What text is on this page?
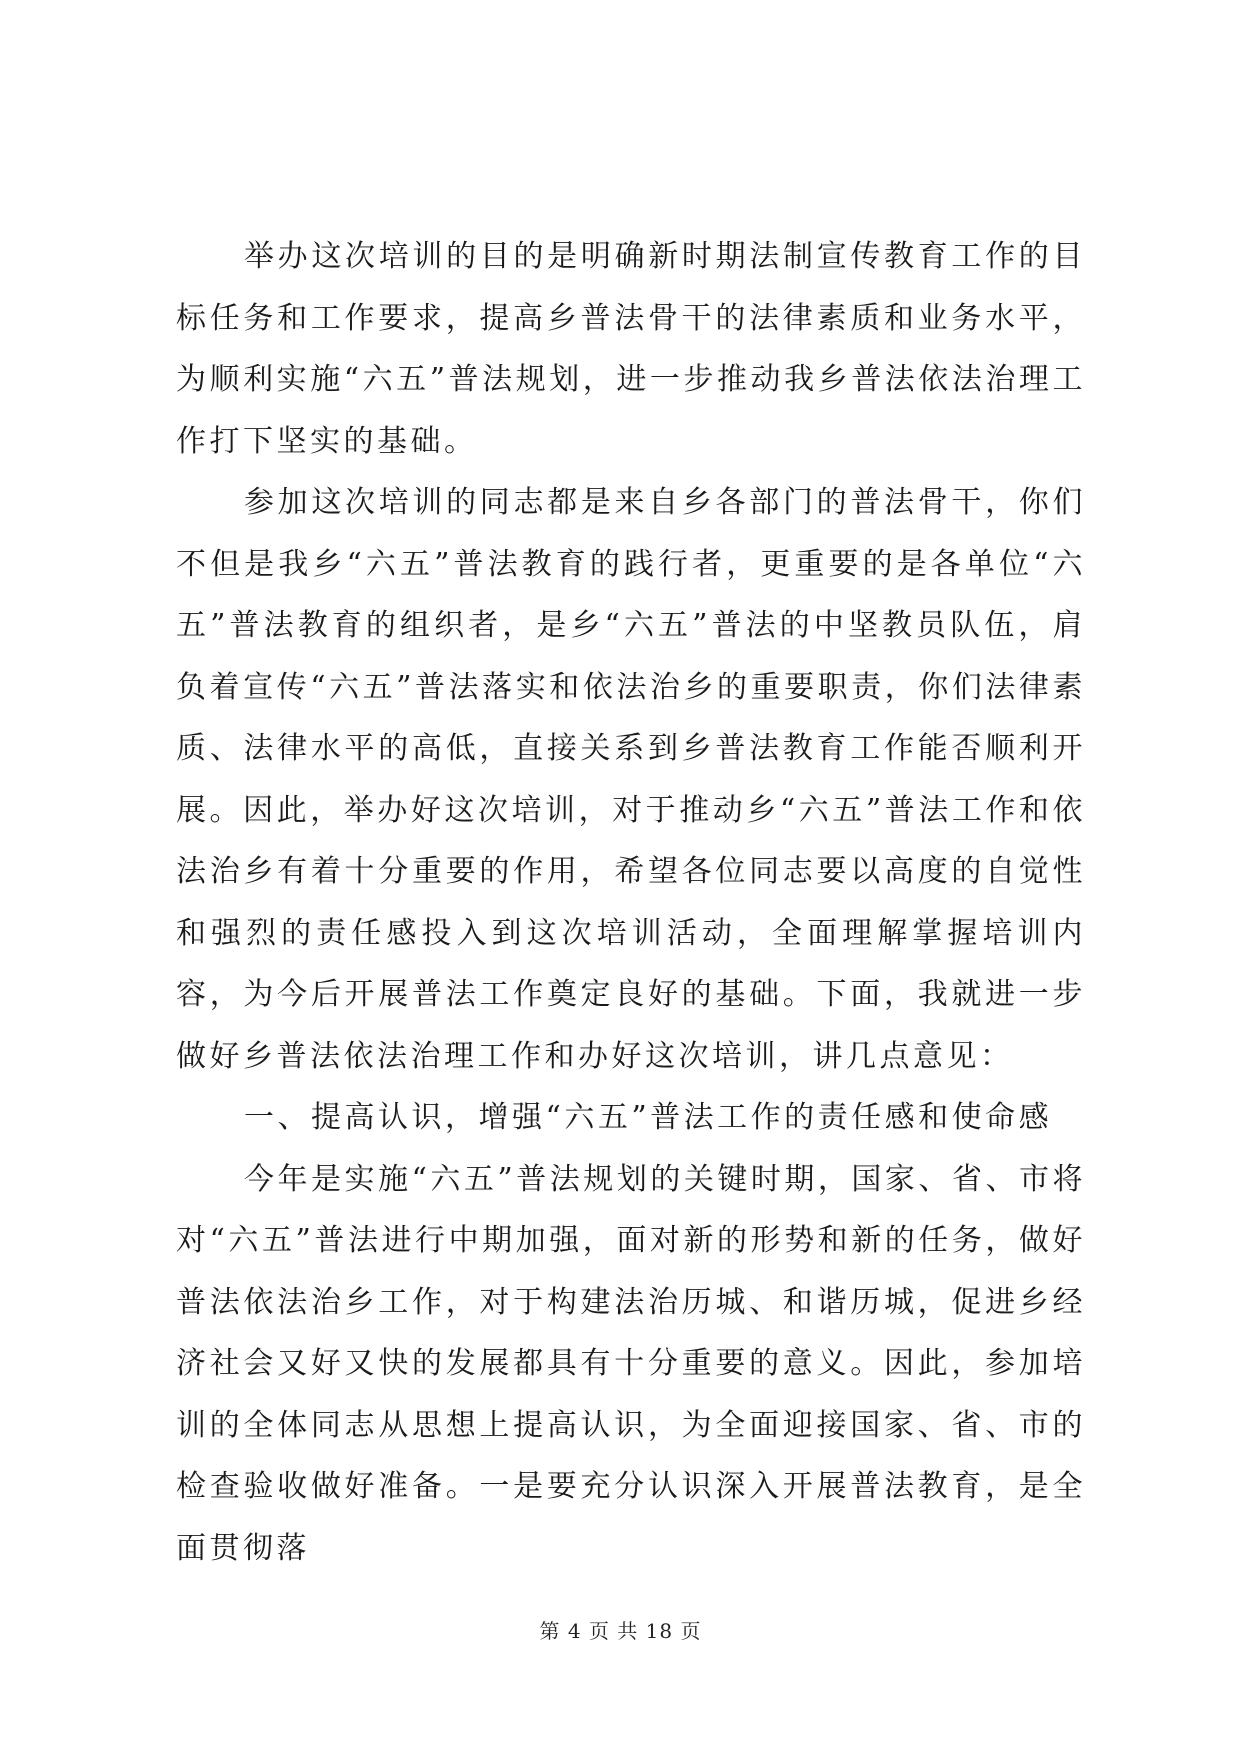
举办这次培训的目的是明确新时期法制宣传教育工作的目标任务和工作要求，提高乡普法骨干的法律素质和业务水平，为顺利实施“六五”普法规划，进一步推动我乡普法依法治理工作打下坚实的基础。

参加这次培训的同志都是来自乡各部门的普法骨干，你们不但是我乡“六五”普法教育的践行者，更重要的是各单位“六五”普法教育的组织者，是乡“六五”普法的中坚教员队伍，肩负着宣传“六五”普法落实和依法治乡的重要职责，你们法律素质、法律水平的高低，直接关系到乡普法教育工作能否顺利开展。因此，举办好这次培训，对于推动乡“六五”普法工作和依法治乡有着十分重要的作用，希望各位同志要以高度的自觉性和强烈的责任感投入到这次培训活动，全面理解掌握培训内容，为今后开展普法工作奠定良好的基础。下面，我就进一步做好乡普法依法治理工作和办好这次培训，讲几点意见：

一、提高认识，增强“六五”普法工作的责任感和使命感

今年是实施“六五”普法规划的关键时期，国家、省、市将对“六五”普法进行中期加强，面对新的形势和新的任务，做好普法依法治乡工作，对于构建法治历城、和谐历城，促进乡经济社会又好又快的发展都具有十分重要的意义。因此，参加培训的全体同志从思想上提高认识，为全面迎接国家、省、市的检查验收做好准备。一是要充分认识深入开展普法教育，是全面贯彻落

第 4 页 共 18 页
